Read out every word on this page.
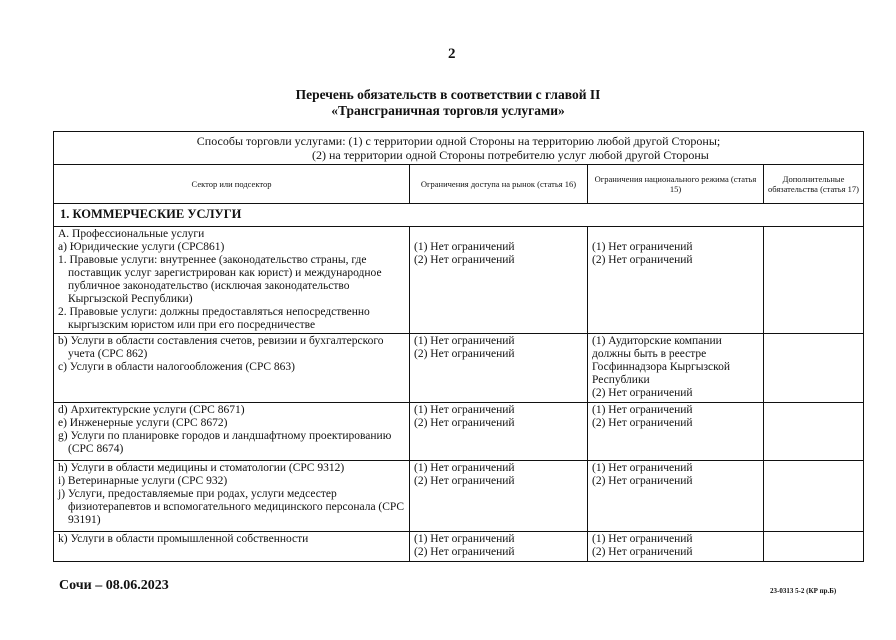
2
Перечень обязательств в соответствии с главой II
«Трансграничная торговля услугами»
Способы торговли услугами: (1) с территории одной Стороны на территорию любой другой Стороны;
(2) на территории одной Стороны потребителю услуг любой другой Стороны			

Сектор или подсектор	Ограничения доступа на рынок (статья 16)	Ограничения национального режима (статья 15)	Дополнительные обязательства (статья 17)
1. КОММЕРЧЕСКИЕ УСЛУГИ			

A. Профессиональные услуги
a) Юридические услуги (CPC861)
1. Правовые услуги: внутреннее (законодательство страны, где поставщик услуг зарегистрирован как юрист) и международное публичное законодательство (исключая законодательство Кыргызской Республики)
2. Правовые услуги: должны предоставляться непосредственно кыргызским юристом или при его посредничестве	(1) Нет ограничений
(2) Нет ограничений	(1) Нет ограничений
(2) Нет ограничений	

b) Услуги в области составления счетов, ревизии и бухгалтерского учета (CPC 862)
c) Услуги в области налогообложения (CPC 863)	(1) Нет ограничений
(2) Нет ограничений	(1) Аудиторские компании должны быть в реестре Госфиннадзора Кыргызской Республики
(2) Нет ограничений	

d) Архитектурские услуги (CPC 8671)
e) Инженерные услуги (CPC 8672)
g) Услуги по планировке городов и ландшафтному проектированию (CPC 8674)	(1) Нет ограничений
(2) Нет ограничений	(1) Нет ограничений
(2) Нет ограничений	

h) Услуги в области медицины и стоматологии (CPC 9312)
i) Ветеринарные услуги (CPC 932)
j) Услуги, предоставляемые при родах, услуги медсестер физиотерапевтов и вспомогательного медицинского персонала (CPC 93191)	(1) Нет ограничений
(2) Нет ограничений	(1) Нет ограничений
(2) Нет ограничений	

k) Услуги в области промышленной собственности	(1) Нет ограничений
(2) Нет ограничений	(1) Нет ограничений
(2) Нет ограничений	

Сочи – 08.06.2023	23-0313 5-2 (КР пр.Б)
